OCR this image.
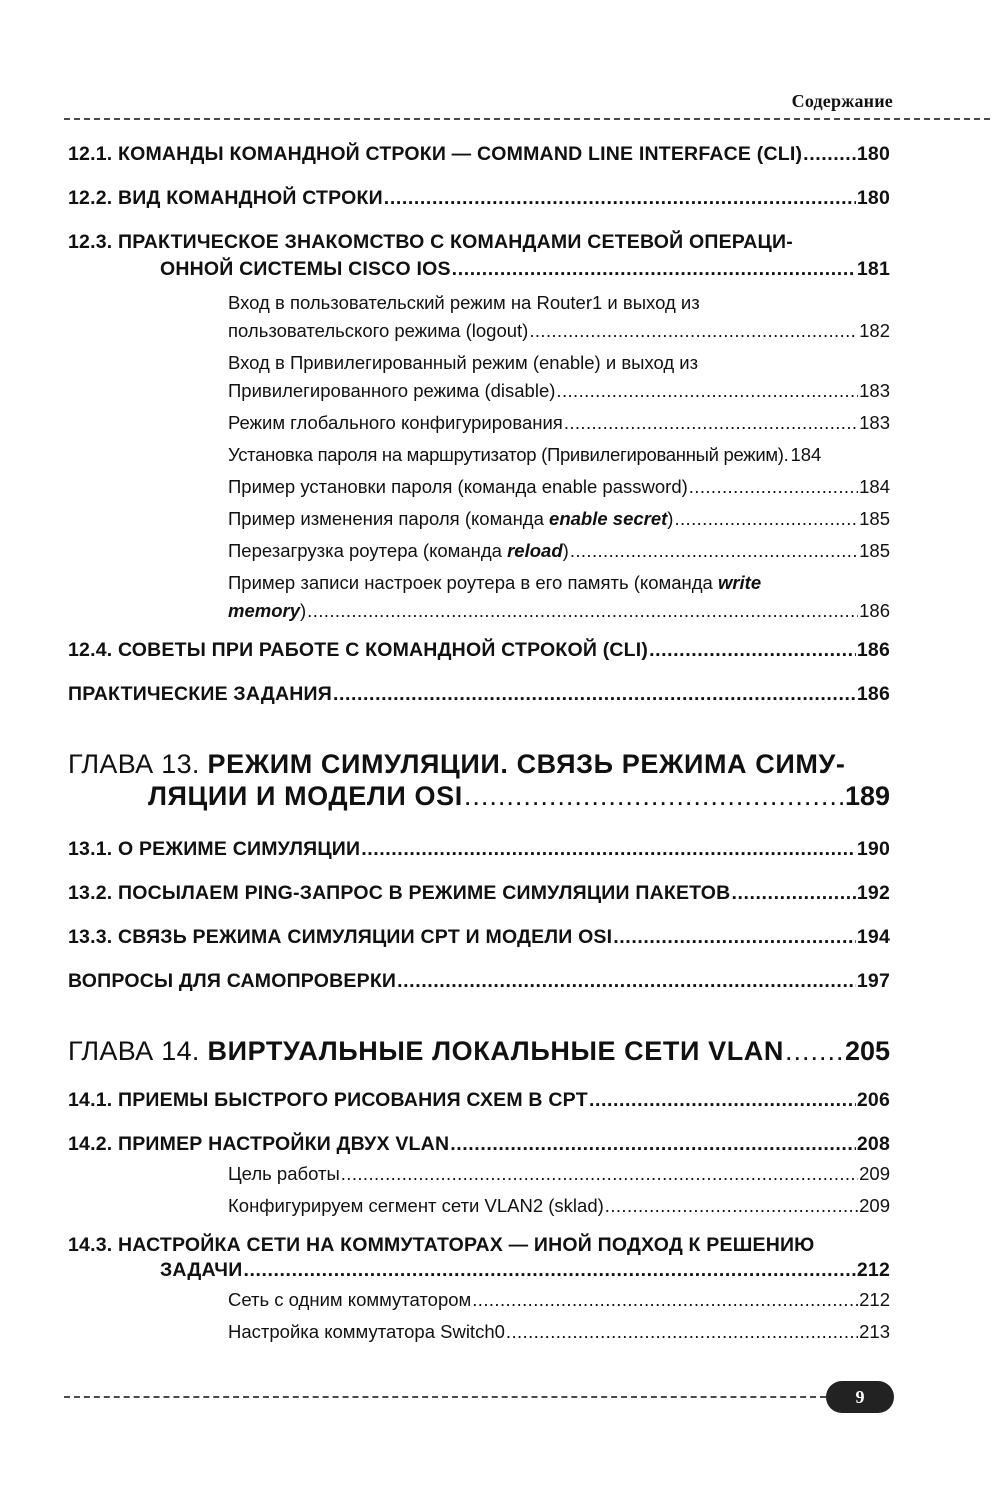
Содержание
12.1. КОМАНДЫ КОМАНДНОЙ СТРОКИ — COMMAND LINE INTERFACE (CLI) .....	180
12.2. ВИД КОМАНДНОЙ СТРОКИ .....	180
12.3. ПРАКТИЧЕСКОЕ ЗНАКОМСТВО С КОМАНДАМИ СЕТЕВОЙ ОПЕРАЦИ-
ОННОЙ СИСТЕМЫ CISCO IOS .....	181
Вход в пользовательский режим на Router1 и выход из
пользовательского режима (logout) .....	182
Вход в Привилегированный режим (enable) и выход из
Привилегированного режима (disable) .....	183
Режим глобального конфигурирования .....	183
Установка пароля на маршрутизатор (Привилегированный режим). 184
Пример установки пароля (команда enable password) .....	184
Пример изменения пароля (команда enable secret) .....	185
Перезагрузка роутера (команда reload) .....	185
Пример записи настроек роутера в его память (команда write
memory) .....	186
12.4. СОВЕТЫ ПРИ РАБОТЕ С КОМАНДНОЙ СТРОКОЙ (CLI) .....	186
ПРАКТИЧЕСКИЕ ЗАДАНИЯ .....	186
ГЛАВА 13. РЕЖИМ СИМУЛЯЦИИ. СВЯЗЬ РЕЖИМА СИМУ-
ЛЯЦИИ И МОДЕЛИ OSI .....	189
13.1. О РЕЖИМЕ СИМУЛЯЦИИ .....	190
13.2. ПОСЫЛАЕМ PING-ЗАПРОС В РЕЖИМЕ СИМУЛЯЦИИ ПАКЕТОВ .....	192
13.3. СВЯЗЬ РЕЖИМА СИМУЛЯЦИИ CPT И МОДЕЛИ OSI .....	194
ВОПРОСЫ ДЛЯ САМОПРОВЕРКИ .....	197
ГЛАВА 14. ВИРТУАЛЬНЫЕ ЛОКАЛЬНЫЕ СЕТИ VLAN ..... 205
14.1. ПРИЕМЫ БЫСТРОГО РИСОВАНИЯ СХЕМ В CPT .....	206
14.2. ПРИМЕР НАСТРОЙКИ ДВУХ VLAN .....	208
Цель работы .....	209
Конфигурируем сегмент сети VLAN2 (sklad) .....	209
14.3. НАСТРОЙКА СЕТИ НА КОММУТАТОРАХ — ИНОЙ ПОДХОД К РЕШЕНИЮ
ЗАДАЧИ .....	212
Сеть с одним коммутатором .....	212
Настройка коммутатора Switch0 .....	213
9
